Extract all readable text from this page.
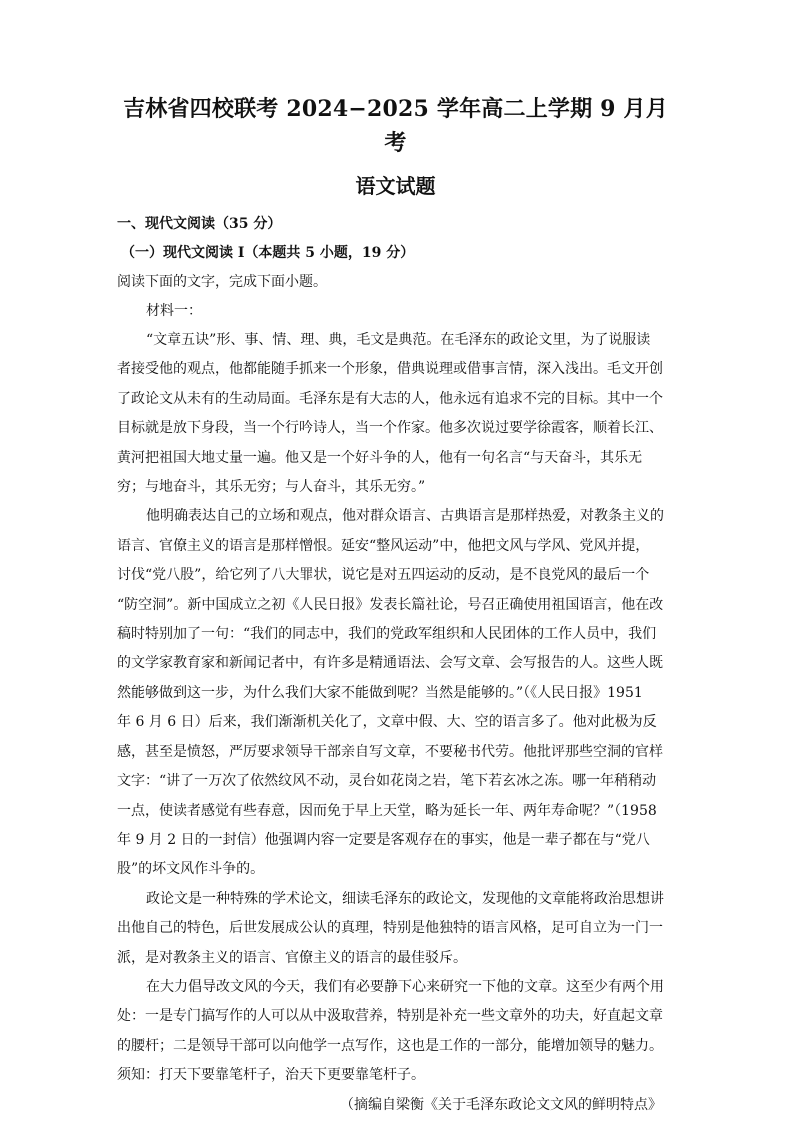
吉林省四校联考 2024−2025 学年高二上学期 9 月月考
语文试题

一、现代文阅读（35 分）

（一）现代文阅读 I（本题共 5 小题，19 分）

阅读下面的文字，完成下面小题。

材料一：

“文章五诀”形、事、情、理、典，毛文是典范。在毛泽东的政论文里，为了说服读
者接受他的观点，他都能随手抓来一个形象，借典说理或借事言情，深入浅出。毛文开创
了政论文从未有的生动局面。毛泽东是有大志的人，他永远有追求不完的目标。其中一个
目标就是放下身段，当一个行吟诗人，当一个作家。他多次说过要学徐霞客，顺着长江、
黄河把祖国大地丈量一遍。他又是一个好斗争的人，他有一句名言“与天奋斗，其乐无
穷；与地奋斗，其乐无穷；与人奋斗，其乐无穷。”

他明确表达自己的立场和观点，他对群众语言、古典语言是那样热爱，对教条主义的
语言、官僚主义的语言是那样憎恨。延安“整风运动”中，他把文风与学风、党风并提，
讨伐“党八股”，给它列了八大罪状，说它是对五四运动的反动，是不良党风的最后一个
“防空洞”。新中国成立之初《人民日报》发表长篇社论，号召正确使用祖国语言，他在改
稿时特别加了一句：“我们的同志中，我们的党政军组织和人民团体的工作人员中，我们
的文学家教育家和新闻记者中，有许多是精通语法、会写文章、会写报告的人。这些人既
然能够做到这一步，为什么我们大家不能做到呢？当然是能够的。”（《人民日报》1951
年 6 月 6 日）后来，我们渐渐机关化了，文章中假、大、空的语言多了。他对此极为反
感，甚至是愤怒，严厉要求领导干部亲自写文章，不要秘书代劳。他批评那些空洞的官样
文字：“讲了一万次了依然纹风不动，灵台如花岗之岩，笔下若玄冰之冻。哪一年稍稍动
一点，使读者感觉有些春意，因而免于早上天堂，略为延长一年、两年寿命呢？”（1958
年 9 月 2 日的一封信）他强调内容一定要是客观存在的事实，他是一辈子都在与“党八
股”的坏文风作斗争的。

政论文是一种特殊的学术论文，细读毛泽东的政论文，发现他的文章能将政治思想讲
出他自己的特色，后世发展成公认的真理，特别是他独特的语言风格，足可自立为一门一
派，是对教条主义的语言、官僚主义的语言的最佳驳斥。

在大力倡导改文风的今天，我们有必要静下心来研究一下他的文章。这至少有两个用
处：一是专门搞写作的人可以从中汲取营养，特别是补充一些文章外的功夫，好直起文章
的腰杆；二是领导干部可以向他学一点写作，这也是工作的一部分，能增加领导的魅力。
须知：打天下要靠笔杆子，治天下更要靠笔杆子。

（摘编自梁衡《关于毛泽东政论文文风的鲜明特点》
